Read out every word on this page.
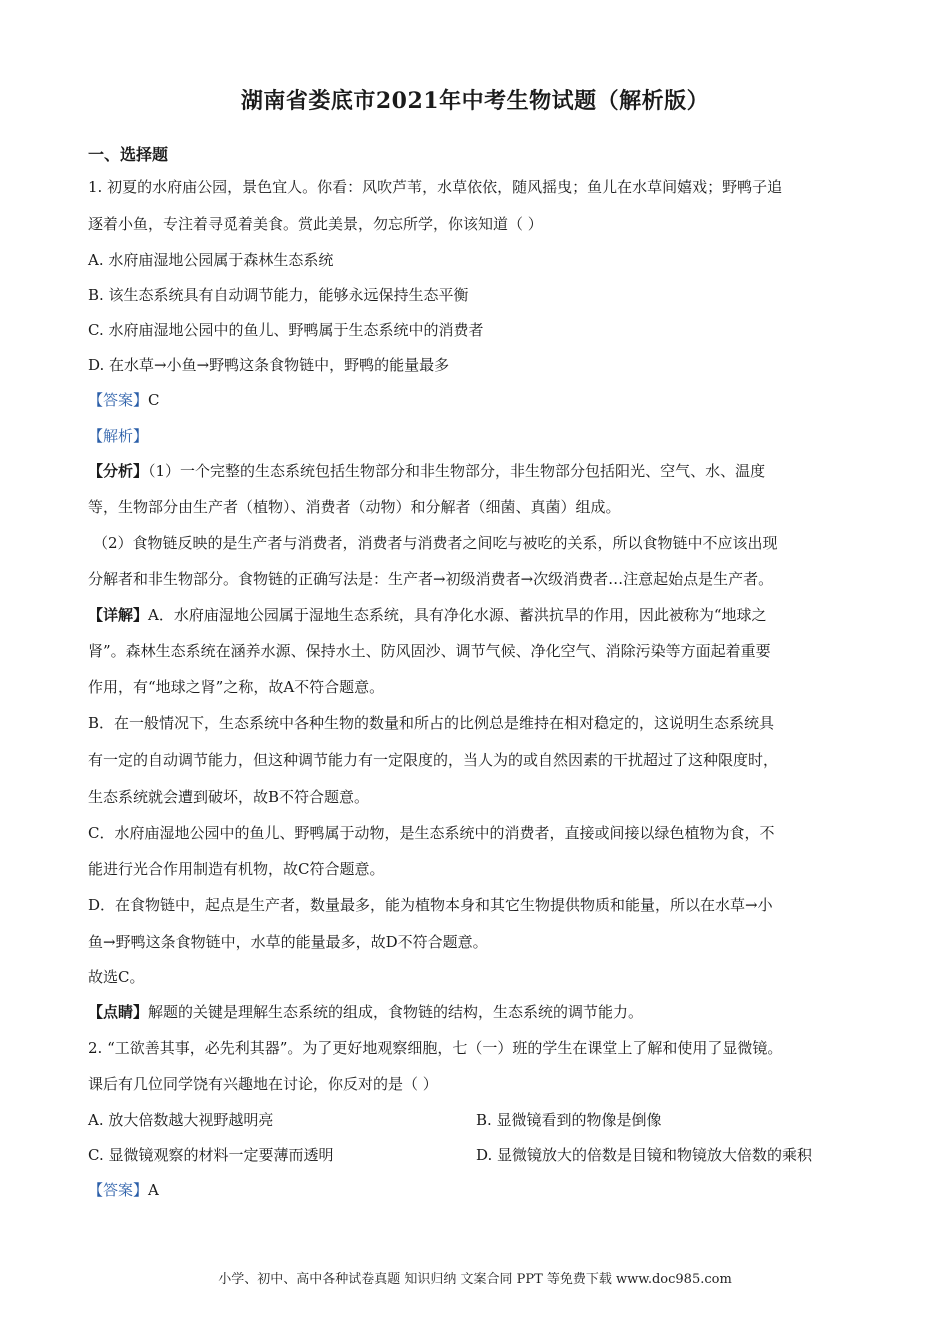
湖南省娄底市2021年中考生物试题（解析版）
一、选择题
1. 初夏的水府庙公园，景色宜人。你看：风吹芦苇，水草依依，随风摇曳；鱼儿在水草间嬉戏；野鸭子追
逐着小鱼，专注着寻觅着美食。赏此美景，勿忘所学，你该知道（ ）
A. 水府庙湿地公园属于森林生态系统
B. 该生态系统具有自动调节能力，能够永远保持生态平衡
C. 水府庙湿地公园中的鱼儿、野鸭属于生态系统中的消费者
D. 在水草→小鱼→野鸭这条食物链中，野鸭的能量最多
【答案】C
【解析】
【分析】（1）一个完整的生态系统包括生物部分和非生物部分，非生物部分包括阳光、空气、水、温度
等，生物部分由生产者（植物）、消费者（动物）和分解者（细菌、真菌）组成。
（2）食物链反映的是生产者与消费者，消费者与消费者之间吃与被吃的关系，所以食物链中不应该出现
分解者和非生物部分。食物链的正确写法是：生产者→初级消费者→次级消费者…注意起始点是生产者。
【详解】A．水府庙湿地公园属于湿地生态系统，具有净化水源、蓄洪抗旱的作用，因此被称为“地球之
肾”。森林生态系统在涵养水源、保持水土、防风固沙、调节气候、净化空气、消除污染等方面起着重要
作用，有“地球之肾”之称，故A不符合题意。
B．在一般情况下，生态系统中各种生物的数量和所占的比例总是维持在相对稳定的，这说明生态系统具
有一定的自动调节能力，但这种调节能力有一定限度的，当人为的或自然因素的干扰超过了这种限度时，
生态系统就会遭到破坏，故B不符合题意。
C．水府庙湿地公园中的鱼儿、野鸭属于动物，是生态系统中的消费者，直接或间接以绿色植物为食，不
能进行光合作用制造有机物，故C符合题意。
D．在食物链中，起点是生产者，数量最多，能为植物本身和其它生物提供物质和能量，所以在水草→小
鱼→野鸭这条食物链中，水草的能量最多，故D不符合题意。
故选C。
【点睛】解题的关键是理解生态系统的组成，食物链的结构，生态系统的调节能力。
2. “工欲善其事，必先利其器”。为了更好地观察细胞，七（一）班的学生在课堂上了解和使用了显微镜。
课后有几位同学饶有兴趣地在讨论，你反对的是（ ）
A. 放大倍数越大视野越明亮	B. 显微镜看到的物像是倒像
C. 显微镜观察的材料一定要薄而透明	D. 显微镜放大的倍数是目镜和物镜放大倍数的乘积
【答案】A
小学、初中、高中各种试卷真题 知识归纳 文案合同 PPT 等免费下载 www.doc985.com
